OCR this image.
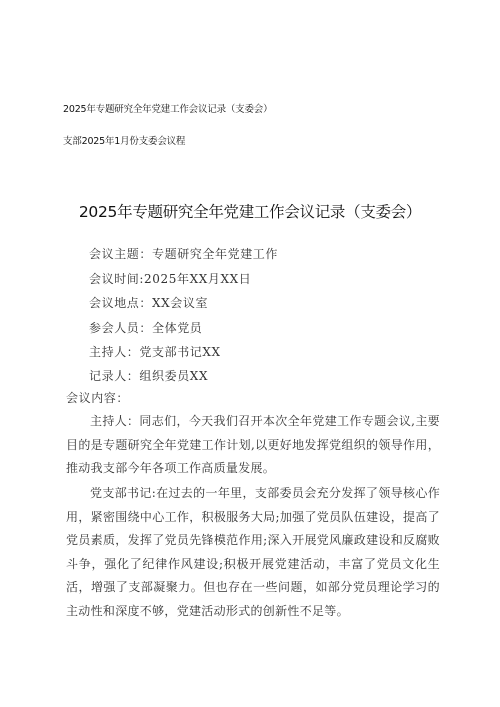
2025年专题研究全年党建工作会议记录（支委会）
支部2025年1月份支委会议程
2025年专题研究全年党建工作会议记录（支委会）
会议主题：专题研究全年党建工作
会议时间:2025年XX月XX日
会议地点：XX会议室
参会人员：全体党员
主持人：党支部书记XX
记录人：组织委员XX
会议内容：

主持人：同志们，今天我们召开本次全年党建工作专题会议,主要目的是专题研究全年党建工作计划,以更好地发挥党组织的领导作用，推动我支部今年各项工作高质量发展。

党支部书记:在过去的一年里，支部委员会充分发挥了领导核心作用，紧密围绕中心工作，积极服务大局;加强了党员队伍建设，提高了党员素质，发挥了党员先锋模范作用;深入开展党风廉政建设和反腐败斗争，强化了纪律作风建设;积极开展党建活动，丰富了党员文化生活，增强了支部凝聚力。但也存在一些问题，如部分党员理论学习的主动性和深度不够，党建活动形式的创新性不足等。
